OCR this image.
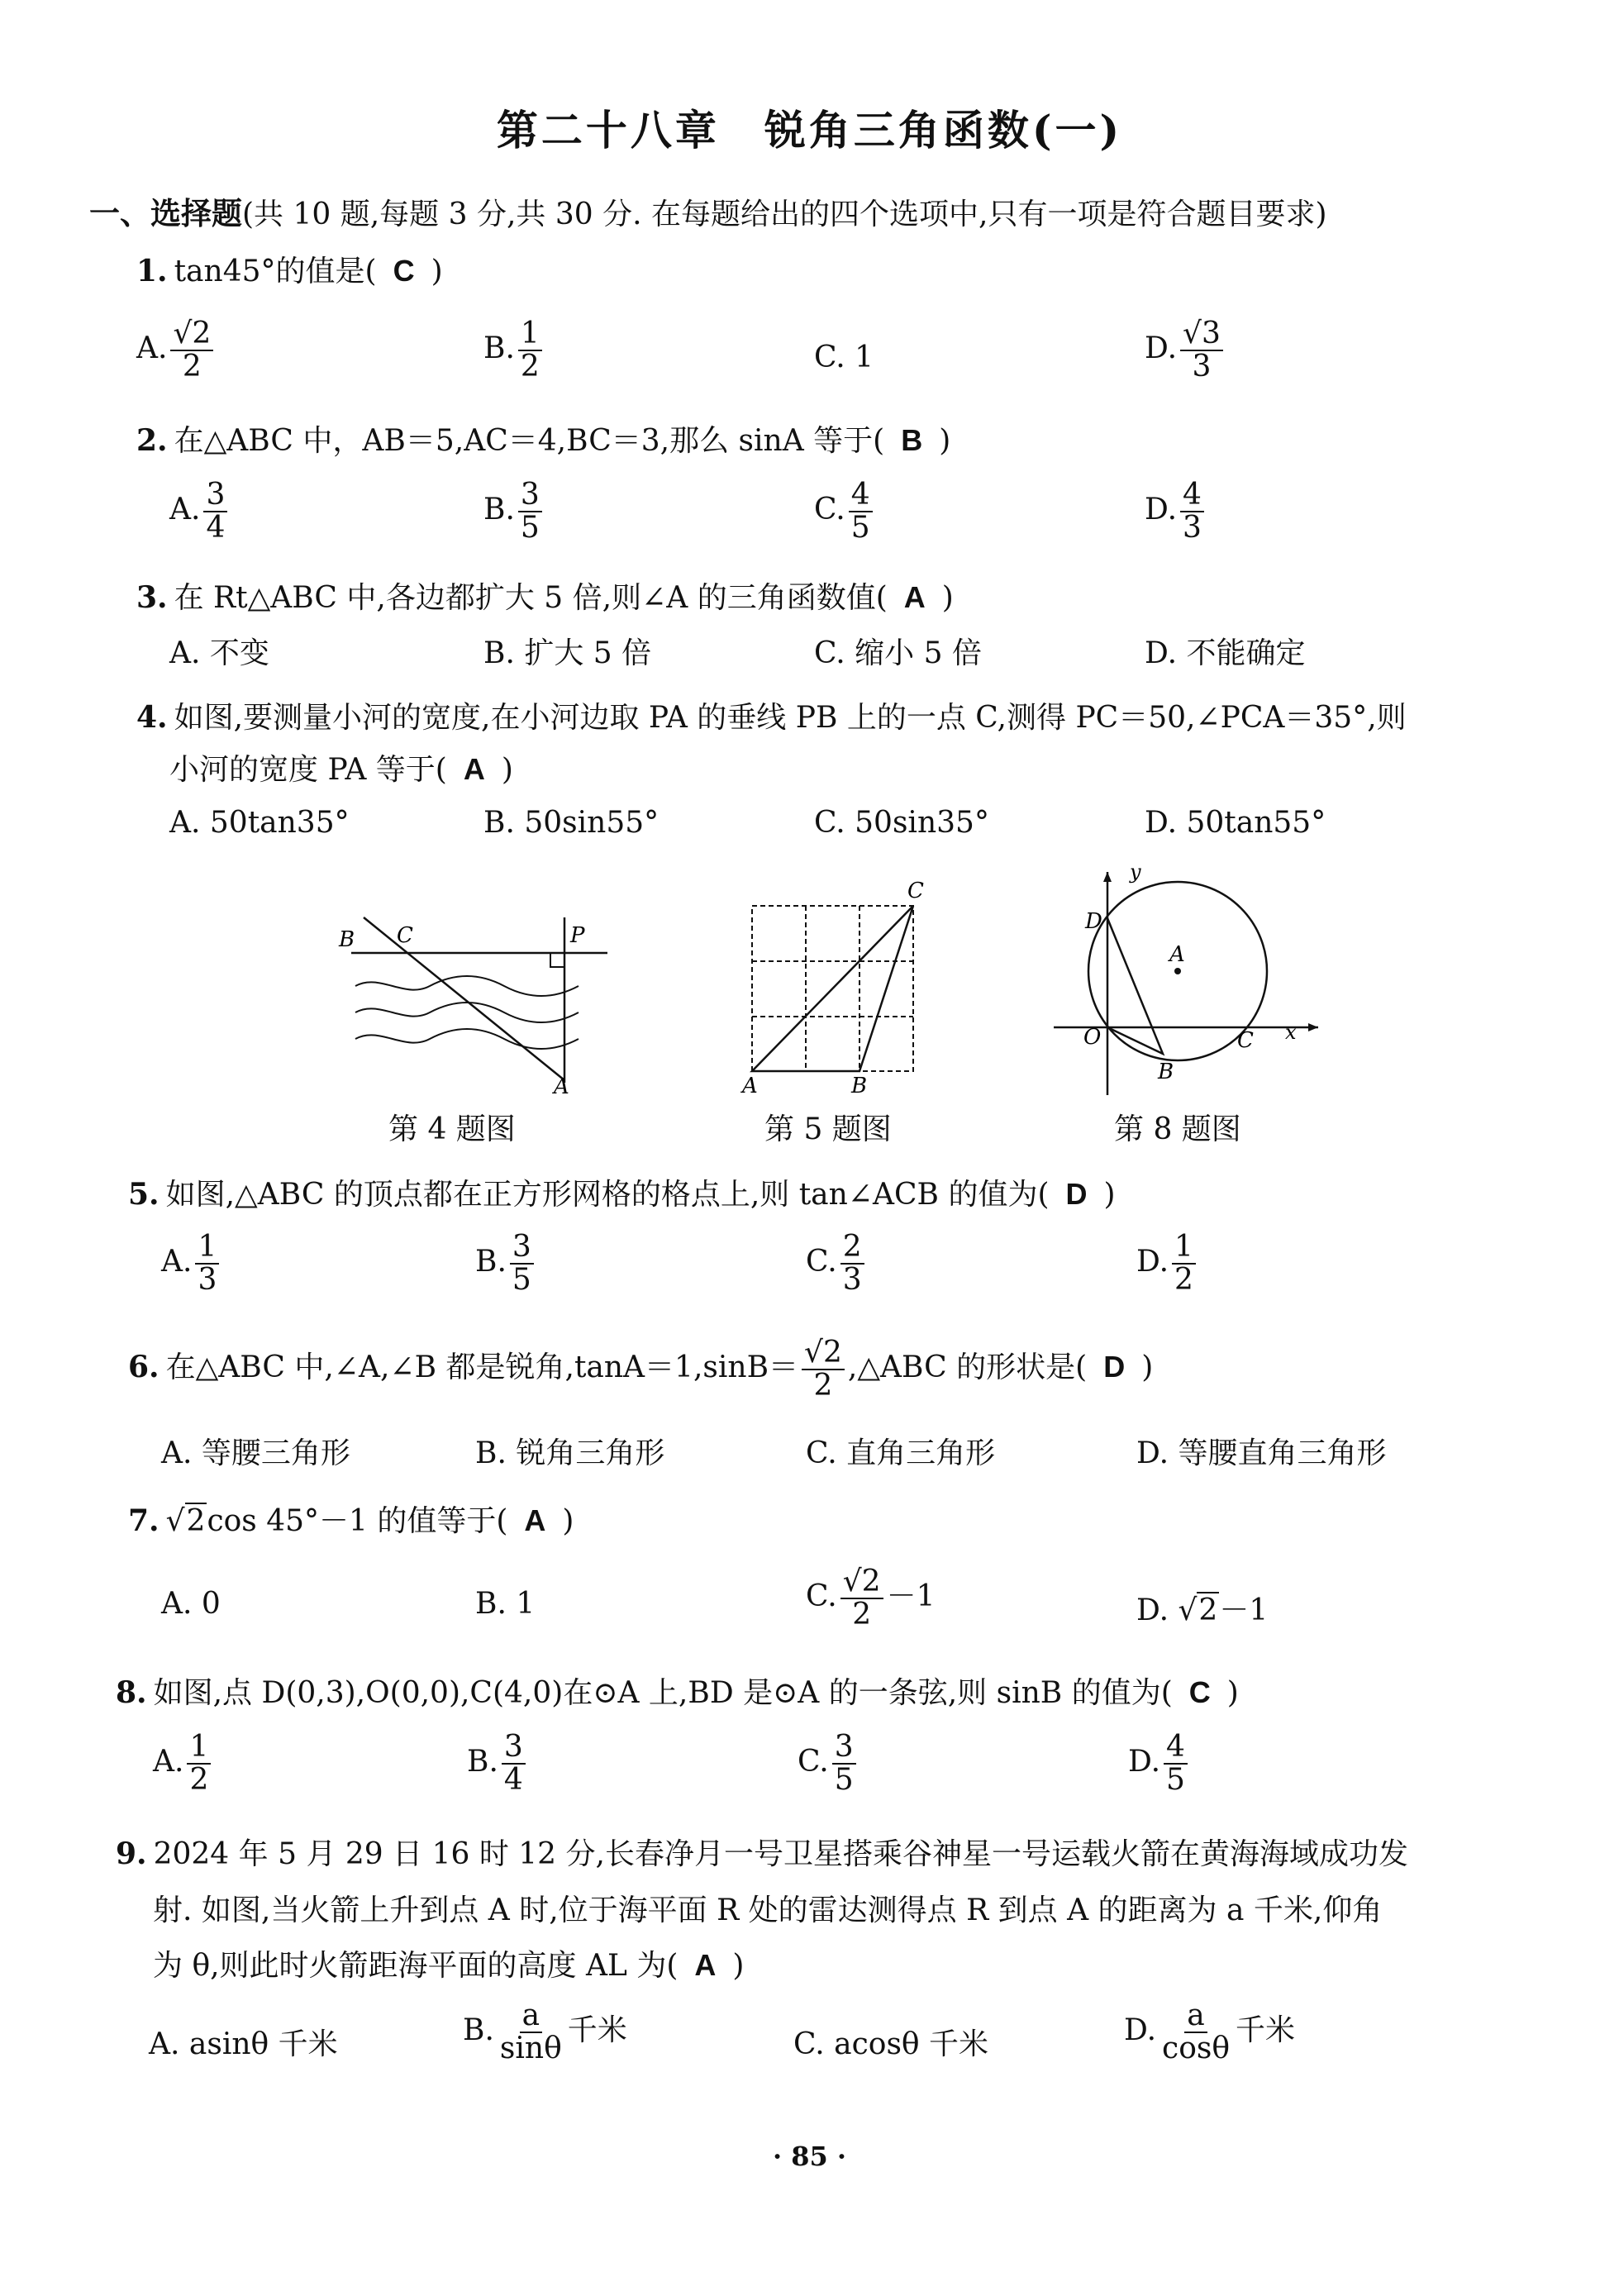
第二十八章　锐角三角函数(一)
一、选择题(共 10 题,每题 3 分,共 30 分. 在每题给出的四个选项中,只有一项是符合题目要求)
1. tan45°的值是( C )
A. $\frac{√2}{2}$	B. $\frac{1}{2}$	C. 1	D. $\frac{√3}{3}$
2. 在△ABC 中，AB＝5,AC＝4,BC＝3,那么 sinA 等于( B )
A. $\frac{3}{4}$	B. $\frac{3}{5}$	C. $\frac{4}{5}$	D. $\frac{4}{3}$
3. 在 Rt△ABC 中,各边都扩大 5 倍,则∠A 的三角函数值( A )
A. 不变	B. 扩大 5 倍	C. 缩小 5 倍	D. 不能确定
4. 如图,要测量小河的宽度,在小河边取 PA 的垂线 PB 上的一点 C,测得 PC＝50,∠PCA＝35°,则
小河的宽度 PA 等于( A )
A. 50tan35°	B. 50sin55°	C. 50sin35°	D. 50tan55°
B C	P
A
第 4 题图
A	B
C
第 5 题图
y
x
D
A
O	C
B
第 8 题图
5. 如图,△ABC 的顶点都在正方形网格的格点上,则 tan∠ACB 的值为( D )
A. $\frac{1}{3}$	B. $\frac{3}{5}$	C. $\frac{2}{3}$	D. $\frac{1}{2}$
6. 在△ABC 中,∠A,∠B 都是锐角$,\tan A=1,\sin B= \frac{√2}{2}$ ,△ABC 的形状是( D )
A. 等腰三角形	B. 锐角三角形	C. 直角三角形	D. 等腰直角三角形
7. √2cos 45°－1 的值等于( A )
A. 0	B. 1	C. $\frac{√2}{2} -1$	D. √2－1
8. 如图,点 D(0,3),O(0,0),C(4,0)在⊙A 上,BD 是⊙A 的一条弦,则 sinB 的值为( C )
A. $\frac{1}{2}$	B. $\frac{3}{4}$	C. $\frac{3}{5}$	D. $\frac{4}{5}$
9. 2024 年 5 月 29 日 16 时 12 分,长春净月一号卫星搭乘谷神星一号运载火箭在黄海海域成功发
射. 如图,当火箭上升到点 A 时,位于海平面 R 处的雷达测得点 R 到点 A 的距离为 a 千米,仰角
为 θ,则此时火箭距海平面的高度 AL 为( A )
A. asinθ 千米	B. $\frac{a}{\sin\theta}$ 千米	C. acosθ 千米	D. $\frac{a}{\cos\theta}$ 千米
· 85 ·
